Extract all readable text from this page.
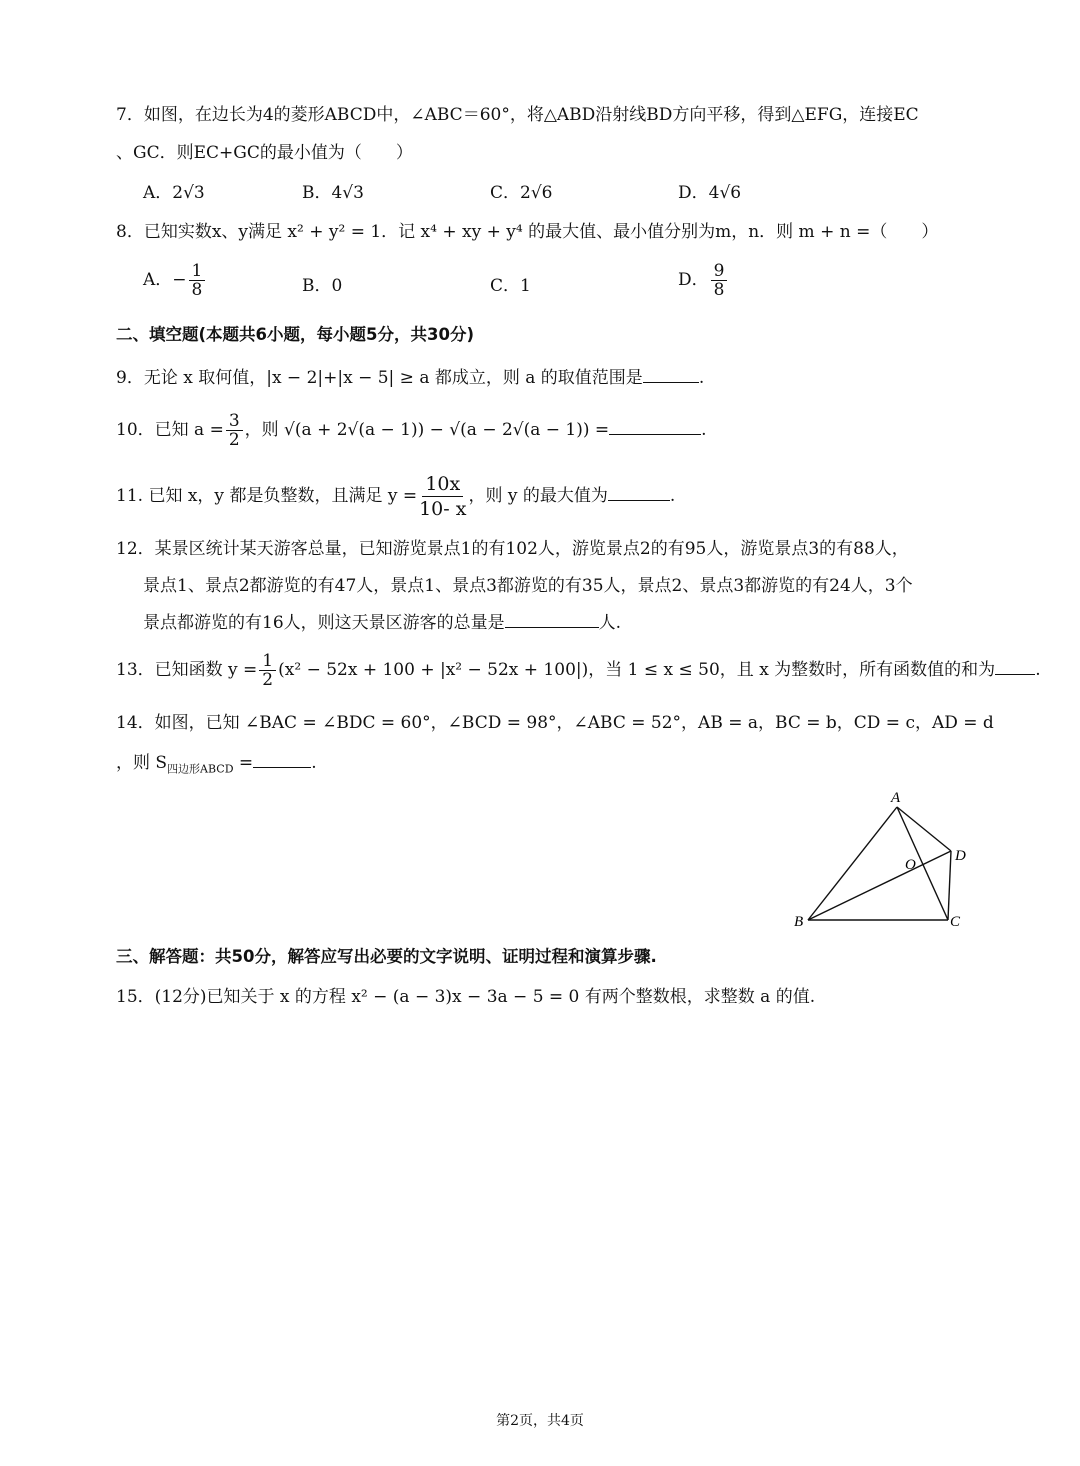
7．如图，在边长为4的菱形ABCD中，∠ABC＝60°，将△ABD沿射线BD方向平移，得到△EFG，连接EC
、GC．则EC+GC的最小值为（　　）
A．2√3	B．4√3	C．2√6	D．4√6
8．已知实数x、y满足 x² + y² = 1．记 x⁴ + xy + y⁴ 的最大值、最小值分别为m，n．则 m + n =（　　）
A．− $\frac{1}{8}$	B．0	C．1	D． $\frac{9}{8}$
二、填空题(本题共6小题，每小题5分，共30分)
9．无论 x 取何值，|x − 2|+|x − 5| ≥ a 都成立，则 a 的取值范围是	.
10．已知 $a = \frac{3}{2}$ ，则 √(a + 2√(a − 1)) − √(a − 2√(a − 1)) =	.
11. 已知 x，y 都是负整数，且满足 $y = \frac{10x}{10- x}$ ，则 y 的最大值为	.
12．某景区统计某天游客总量，已知游览景点1的有102人，游览景点2的有95人，游览景点3的有88人，
景点1、景点2都游览的有47人，景点1、景点3都游览的有35人，景点2、景点3都游览的有24人，3个
景点都游览的有16人，则这天景区游客的总量是	人.
13．已知函数 $y = \frac{1}{2} (x^2 - 52x + 100 + |x^2 - 52x + 100|)$，当 1 ≤ x ≤ 50，且 x 为整数时，所有函数值的和为 .
14．如图，已知 ∠BAC = ∠BDC = 60°，∠BCD = 98°，∠ABC = 52°，AB = a，BC = b，CD = c，AD = d
，则 $S_{四边形ABCD}$ =	.
A
B	C
D
O
三、解答题：共50分，解答应写出必要的文字说明、证明过程和演算步骤.
15．(12分)已知关于 x 的方程 x² − (a − 3)x − 3a − 5 = 0 有两个整数根，求整数 a 的值.
第2页，共4页
